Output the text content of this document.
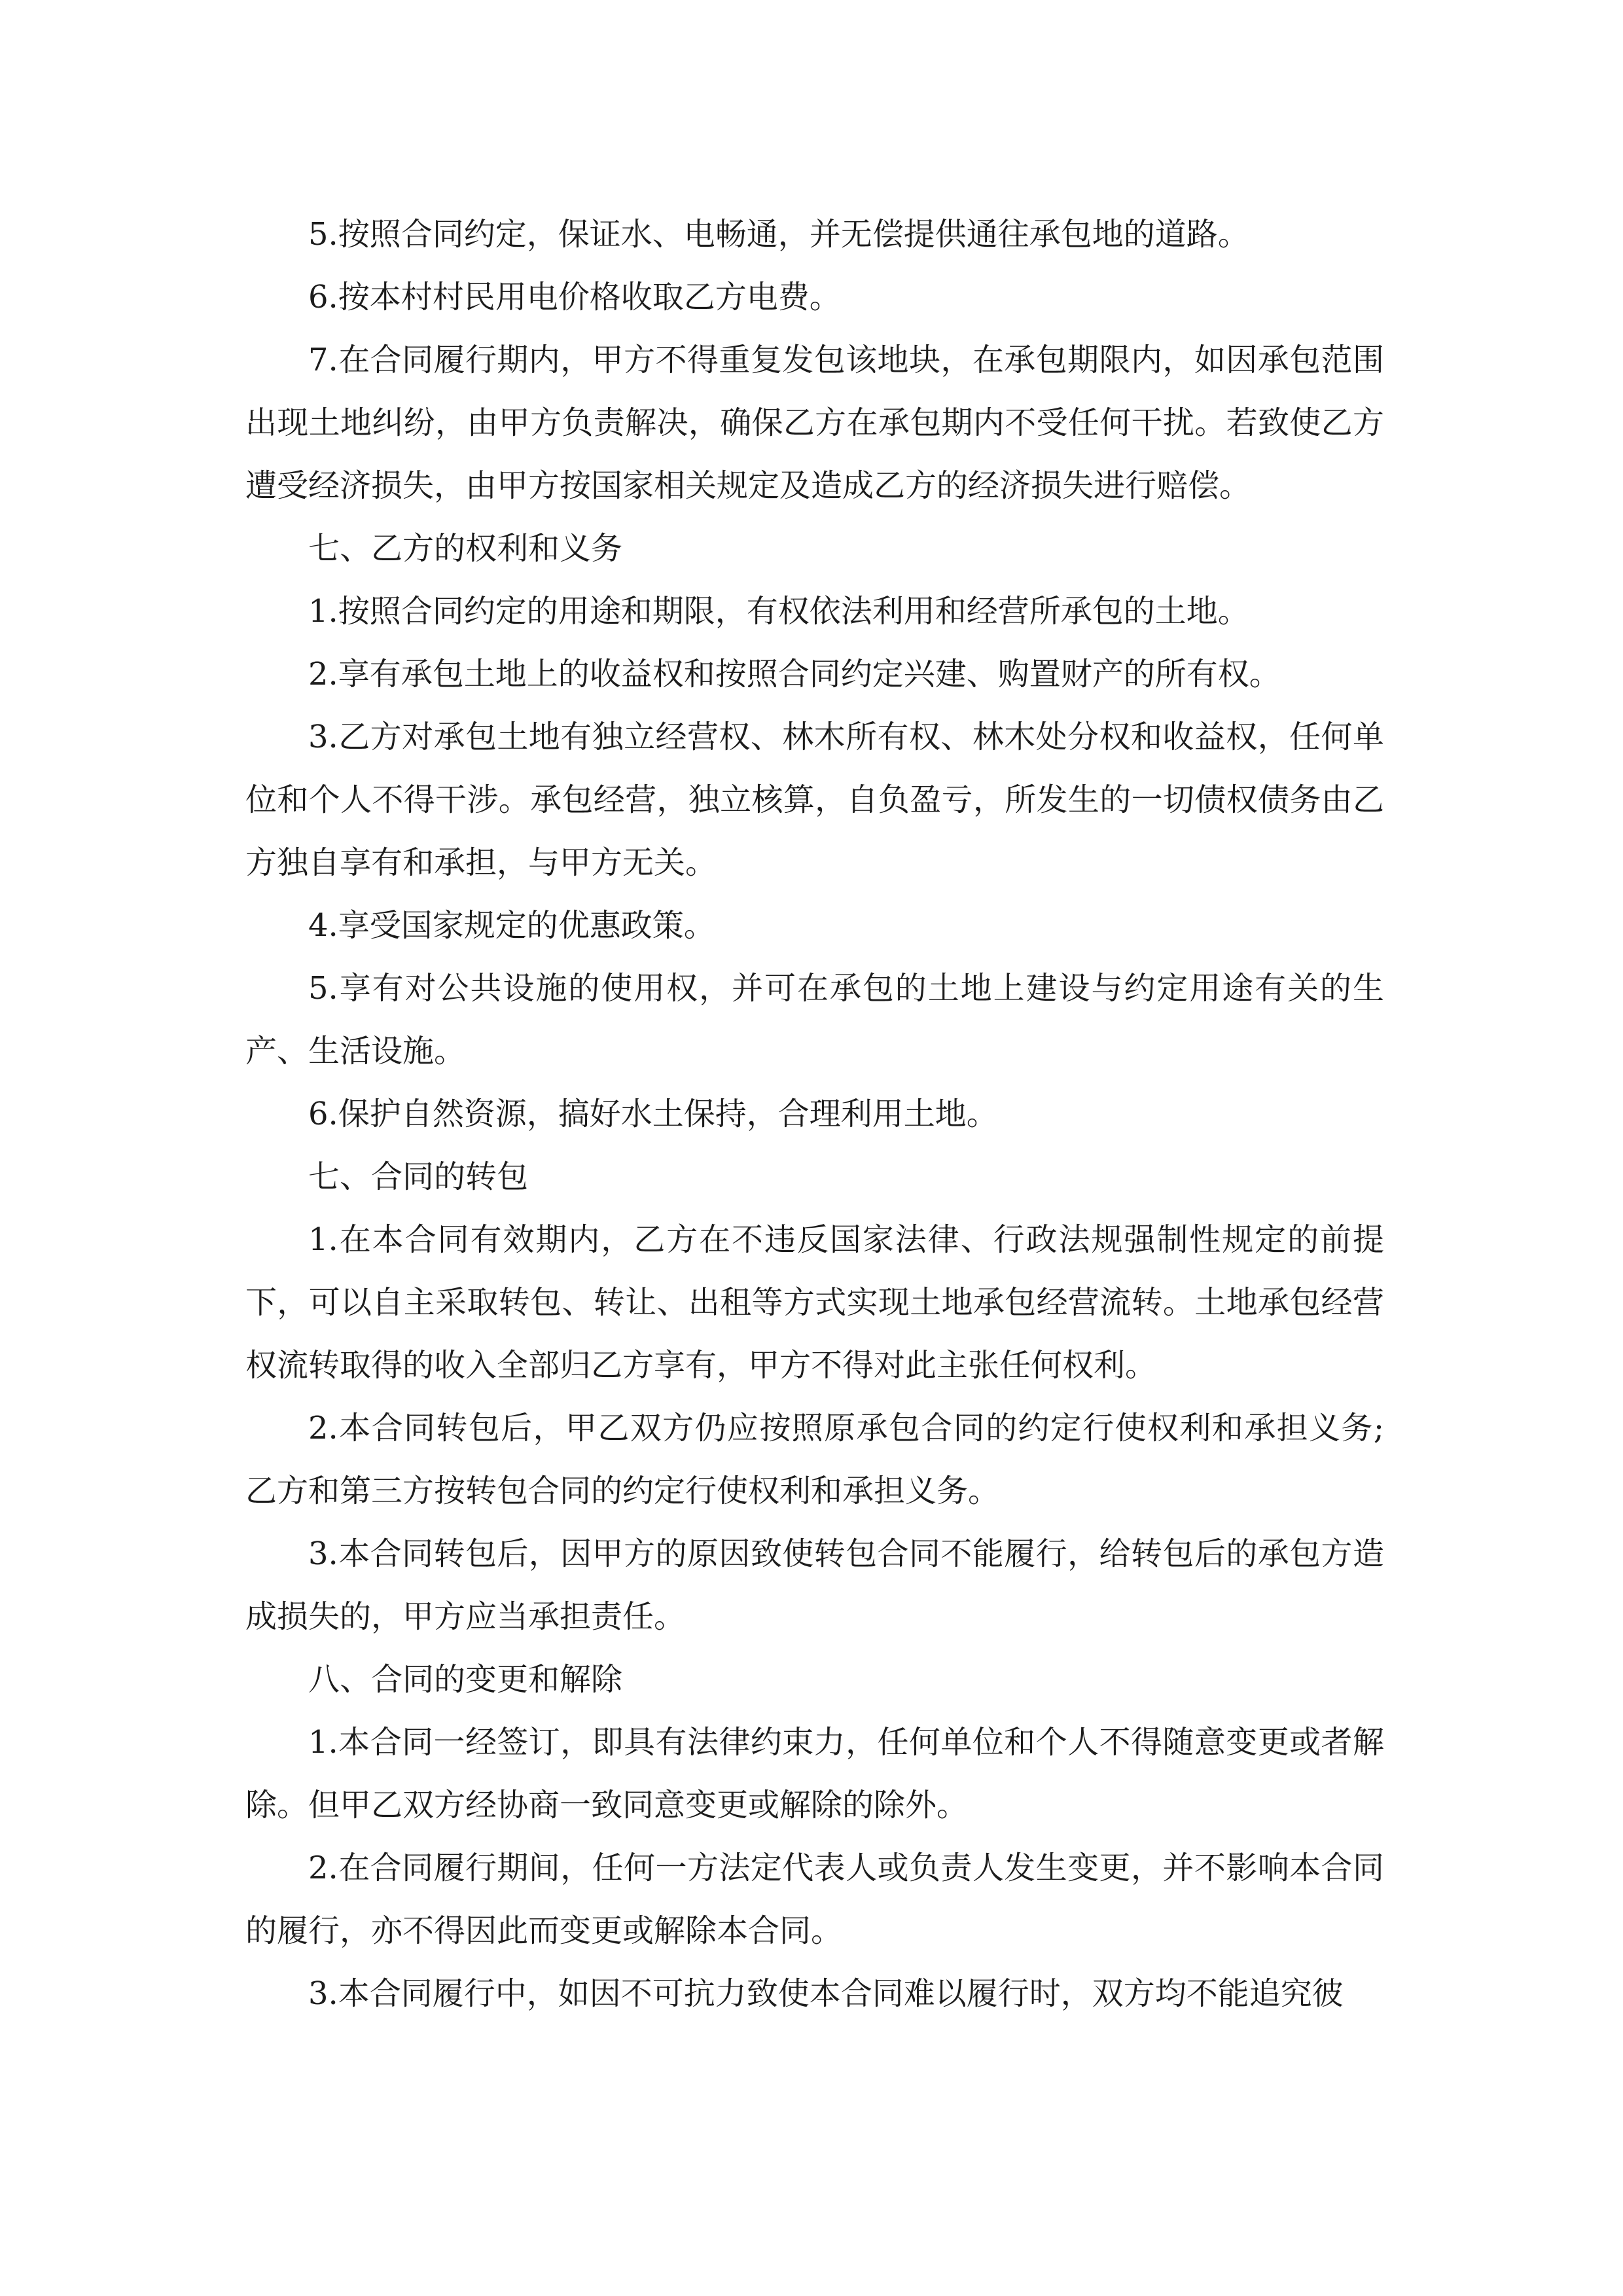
5.按照合同约定，保证水、电畅通，并无偿提供通往承包地的道路。

6.按本村村民用电价格收取乙方电费。

7.在合同履行期内，甲方不得重复发包该地块，在承包期限内，如因承包范围出现土地纠纷，由甲方负责解决，确保乙方在承包期内不受任何干扰。若致使乙方遭受经济损失，由甲方按国家相关规定及造成乙方的经济损失进行赔偿。

七、乙方的权利和义务

1.按照合同约定的用途和期限，有权依法利用和经营所承包的土地。

2.享有承包土地上的收益权和按照合同约定兴建、购置财产的所有权。

3.乙方对承包土地有独立经营权、林木所有权、林木处分权和收益权，任何单位和个人不得干涉。承包经营，独立核算，自负盈亏，所发生的一切债权债务由乙方独自享有和承担，与甲方无关。

4.享受国家规定的优惠政策。

5.享有对公共设施的使用权，并可在承包的土地上建设与约定用途有关的生产、生活设施。

6.保护自然资源，搞好水土保持，合理利用土地。

七、合同的转包

1.在本合同有效期内，乙方在不违反国家法律、行政法规强制性规定的前提下，可以自主采取转包、转让、出租等方式实现土地承包经营流转。土地承包经营权流转取得的收入全部归乙方享有，甲方不得对此主张任何权利。

2.本合同转包后，甲乙双方仍应按照原承包合同的约定行使权利和承担义务;乙方和第三方按转包合同的约定行使权利和承担义务。

3.本合同转包后，因甲方的原因致使转包合同不能履行，给转包后的承包方造成损失的，甲方应当承担责任。

八、合同的变更和解除

1.本合同一经签订，即具有法律约束力，任何单位和个人不得随意变更或者解除。但甲乙双方经协商一致同意变更或解除的除外。

2.在合同履行期间，任何一方法定代表人或负责人发生变更，并不影响本合同的履行，亦不得因此而变更或解除本合同。

3.本合同履行中，如因不可抗力致使本合同难以履行时，双方均不能追究彼
